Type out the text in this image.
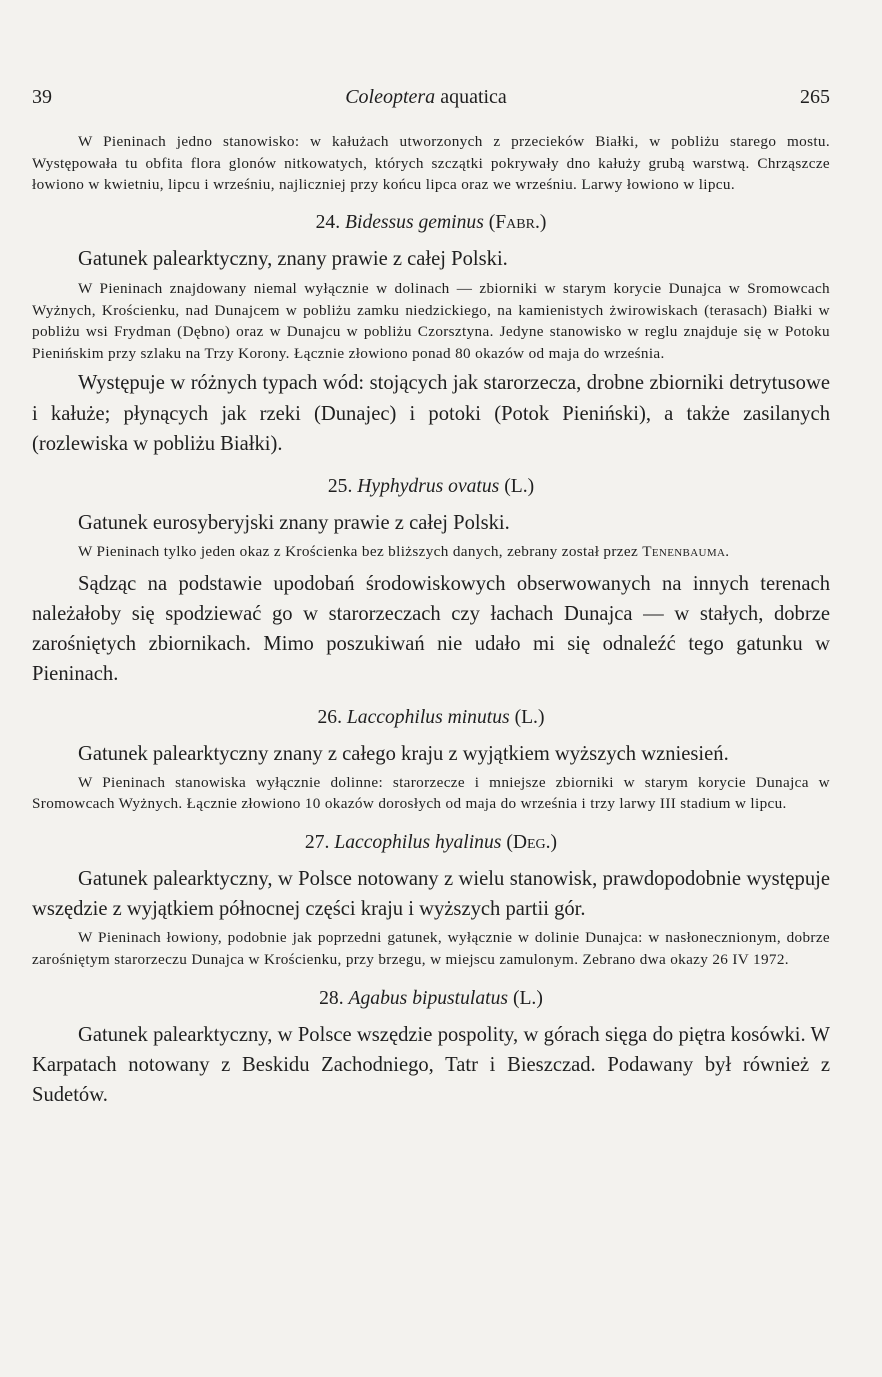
39	Coleoptera aquatica	265

W Pieninach jedno stanowisko: w kałużach utworzonych z przecieków Białki, w pobliżu starego mostu. Występowała tu obfita flora glonów nitkowatych, których szczątki pokrywały dno kałuży grubą warstwą. Chrząszcze łowiono w kwietniu, lipcu i wrześniu, najliczniej przy końcu lipca oraz we wrześniu. Larwy łowiono w lipcu.

24. Bidessus geminus (Fabr.)

Gatunek palearktyczny, znany prawie z całej Polski.

W Pieninach znajdowany niemal wyłącznie w dolinach — zbiorniki w starym korycie Dunajca w Sromowcach Wyżnych, Krościenku, nad Dunajcem w pobliżu zamku niedzickiego, na kamienistych żwirowiskach (terasach) Białki w pobliżu wsi Frydman (Dębno) oraz w Dunajcu w pobliżu Czorsztyna. Jedyne stanowisko w reglu znajduje się w Potoku Pienińskim przy szlaku na Trzy Korony. Łącznie złowiono ponad 80 okazów od maja do września.

Występuje w różnych typach wód: stojących jak starorzecza, drobne zbiorniki detrytusowe i kałuże; płynących jak rzeki (Dunajec) i potoki (Potok Pieniński), a także zasilanych (rozlewiska w pobliżu Białki).

25. Hyphydrus ovatus (L.)

Gatunek eurosyberyjski znany prawie z całej Polski.

W Pieninach tylko jeden okaz z Krościenka bez bliższych danych, zebrany został przez Tenenbauma.

Sądząc na podstawie upodobań środowiskowych obserwowanych na innych terenach należałoby się spodziewać go w starorzeczach czy łachach Dunajca — w stałych, dobrze zarośniętych zbiornikach. Mimo poszukiwań nie udało mi się odnaleźć tego gatunku w Pieninach.

26. Laccophilus minutus (L.)

Gatunek palearktyczny znany z całego kraju z wyjątkiem wyższych wzniesień.

W Pieninach stanowiska wyłącznie dolinne: starorzecze i mniejsze zbiorniki w starym korycie Dunajca w Sromowcach Wyżnych. Łącznie złowiono 10 okazów dorosłych od maja do września i trzy larwy III stadium w lipcu.

27. Laccophilus hyalinus (Deg.)

Gatunek palearktyczny, w Polsce notowany z wielu stanowisk, prawdopodobnie występuje wszędzie z wyjątkiem północnej części kraju i wyższych partii gór.

W Pieninach łowiony, podobnie jak poprzedni gatunek, wyłącznie w dolinie Dunajca: w nasłonecznionym, dobrze zarośniętym starorzeczu Dunajca w Krościenku, przy brzegu, w miejscu zamulonym. Zebrano dwa okazy 26 IV 1972.

28. Agabus bipustulatus (L.)

Gatunek palearktyczny, w Polsce wszędzie pospolity, w górach sięga do piętra kosówki. W Karpatach notowany z Beskidu Zachodniego, Tatr i Bieszczad. Podawany był również z Sudetów.
